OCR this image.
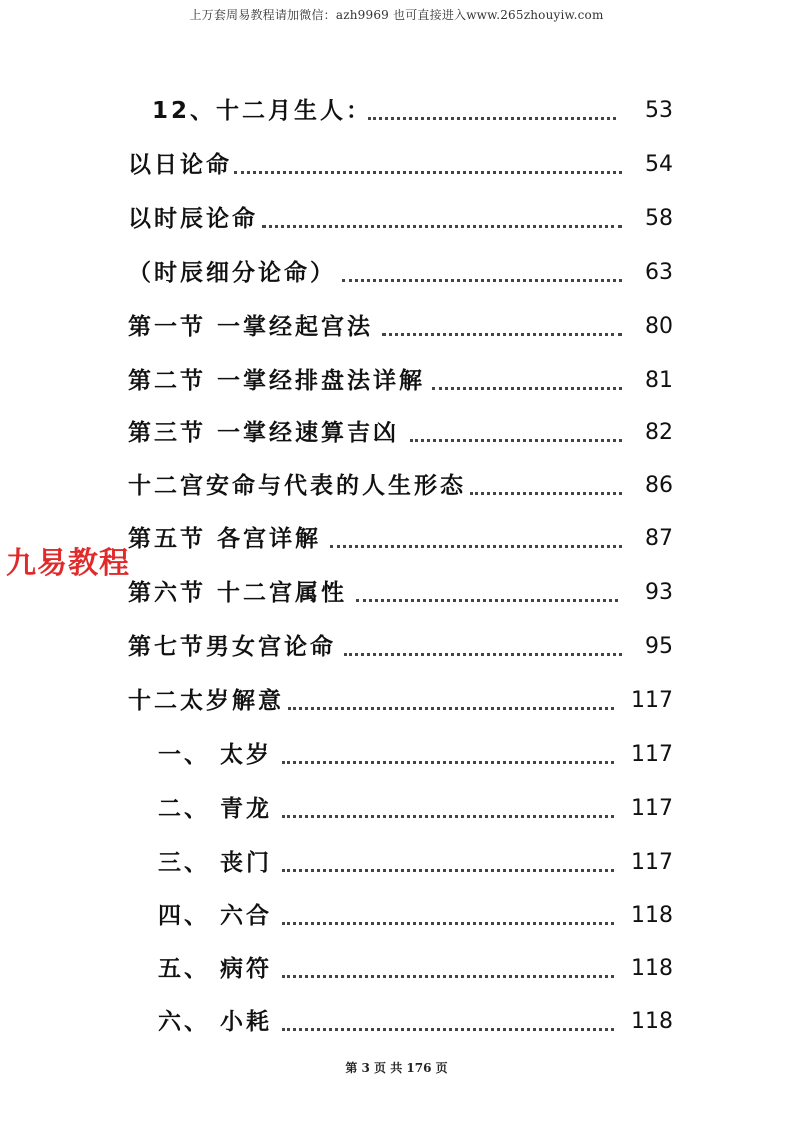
上万套周易教程请加微信：azh9969 也可直接进入www.265zhouyiw.com
12、十二月生人：	53
以日论命	54
以时辰论命	58
（时辰细分论命）	63
第一节 一掌经起宫法	80
第二节 一掌经排盘法详解	81
第三节 一掌经速算吉凶	82
十二宫安命与代表的人生形态	86
第五节 各宫详解	87
第六节 十二宫属性	93
第七节男女宫论命	95
十二太岁解意	117
一、 太岁	117
二、 青龙	117
三、 丧门	117
四、 六合	118
五、 病符	118
六、 小耗	118
九易教程
第 3 页 共 176 页
